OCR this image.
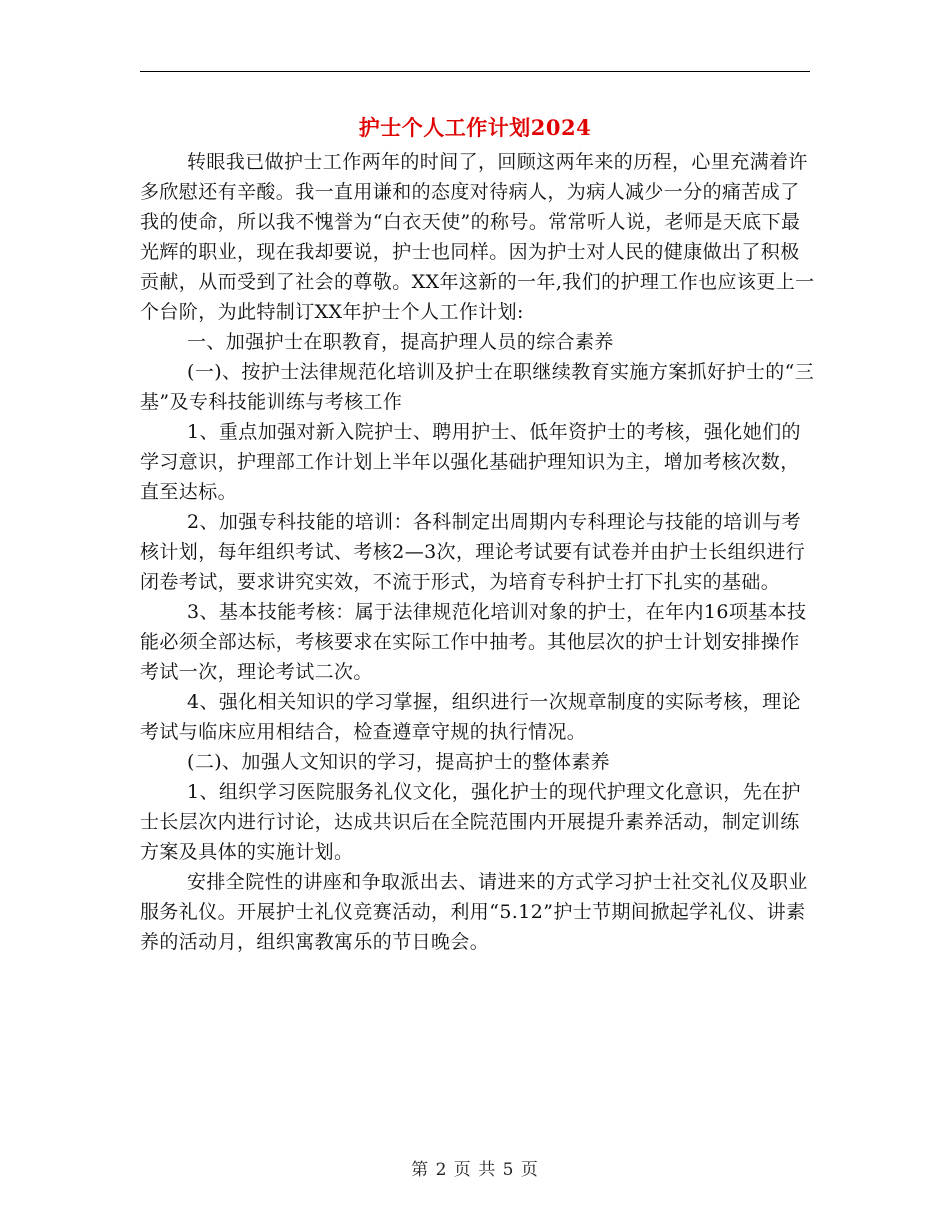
护士个人工作计划2024

转眼我已做护士工作两年的时间了，回顾这两年来的历程，心里充满着许多欣慰还有辛酸。我一直用谦和的态度对待病人，为病人减少一分的痛苦成了我的使命，所以我不愧誉为“白衣天使”的称号。常常听人说，老师是天底下最光辉的职业，现在我却要说，护士也同样。因为护士对人民的健康做出了积极贡献，从而受到了社会的尊敬。XX年这新的一年,我们的护理工作也应该更上一个台阶，为此特制订XX年护士个人工作计划:

一、加强护士在职教育，提高护理人员的综合素养

(一)、按护士法律规范化培训及护士在职继续教育实施方案抓好护士的“三基”及专科技能训练与考核工作

1、重点加强对新入院护士、聘用护士、低年资护士的考核，强化她们的学习意识，护理部工作计划上半年以强化基础护理知识为主，增加考核次数，直至达标。

2、加强专科技能的培训：各科制定出周期内专科理论与技能的培训与考核计划，每年组织考试、考核2—3次，理论考试要有试卷并由护士长组织进行闭卷考试，要求讲究实效，不流于形式，为培育专科护士打下扎实的基础。

3、基本技能考核：属于法律规范化培训对象的护士，在年内16项基本技能必须全部达标，考核要求在实际工作中抽考。其他层次的护士计划安排操作考试一次，理论考试二次。

4、强化相关知识的学习掌握，组织进行一次规章制度的实际考核，理论考试与临床应用相结合，检查遵章守规的执行情况。

(二)、加强人文知识的学习，提高护士的整体素养

1、组织学习医院服务礼仪文化，强化护士的现代护理文化意识，先在护士长层次内进行讨论，达成共识后在全院范围内开展提升素养活动，制定训练方案及具体的实施计划。

安排全院性的讲座和争取派出去、请进来的方式学习护士社交礼仪及职业服务礼仪。开展护士礼仪竞赛活动，利用“5.12”护士节期间掀起学礼仪、讲素养的活动月，组织寓教寓乐的节日晚会。

第 2 页 共 5 页
